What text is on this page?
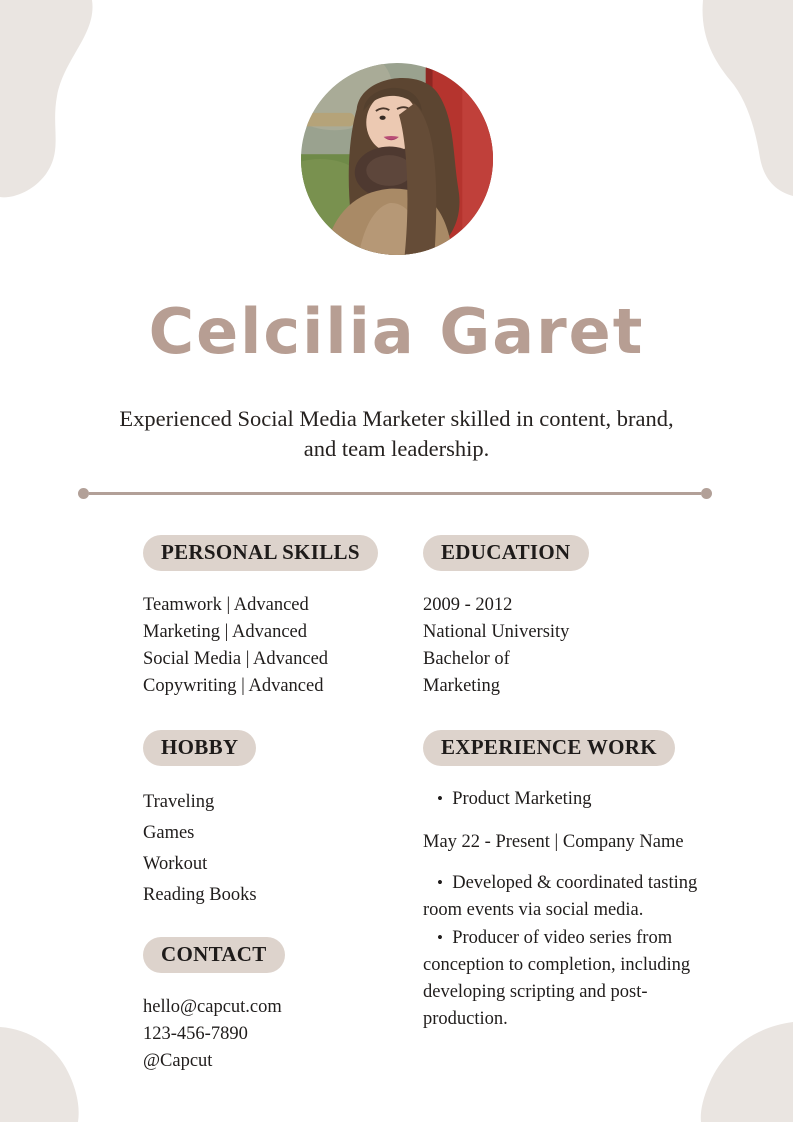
Celcilia Garet
Experienced Social Media Marketer skilled in content, brand, and team leadership.
PERSONAL SKILLS
Teamwork | Advanced
Marketing | Advanced
Social Media | Advanced
Copywriting | Advanced
HOBBY
Traveling
Games
Workout
Reading Books
CONTACT
hello@capcut.com
123-456-7890
@Capcut
EDUCATION
2009 - 2012
National University
Bachelor of
Marketing
EXPERIENCE WORK
• Product Marketing
May 22 - Present | Company Name

• Developed & coordinated tasting room events via social media.

• Producer of video series from conception to completion, including developing scripting and post-production.
